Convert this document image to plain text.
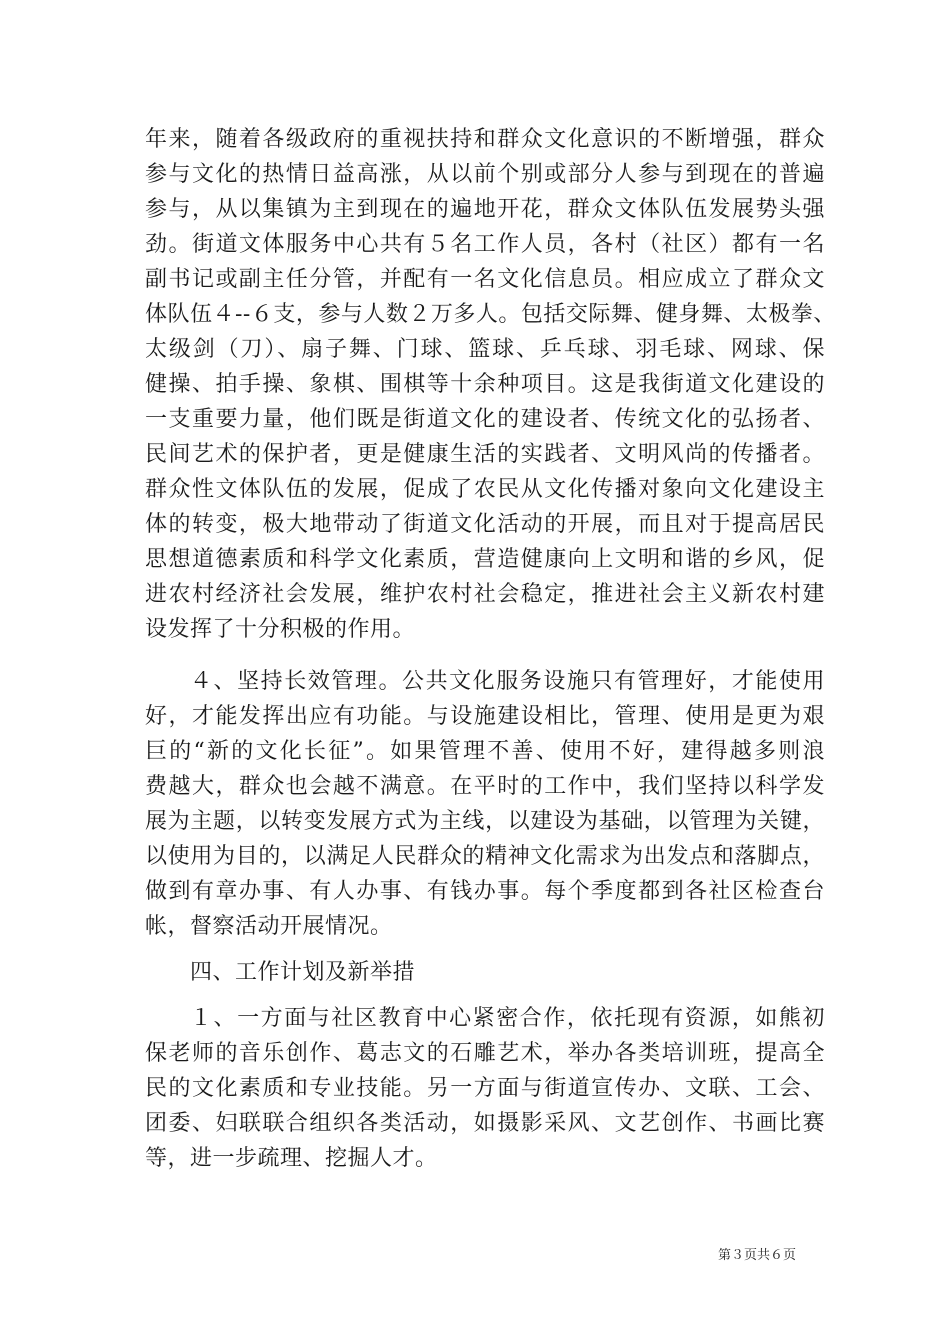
年来，随着各级政府的重视扶持和群众文化意识的不断增强，群众
参与文化的热情日益高涨，从以前个别或部分人参与到现在的普遍
参与，从以集镇为主到现在的遍地开花，群众文体队伍发展势头强
劲。街道文体服务中心共有５名工作人员，各村（社区）都有一名
副书记或副主任分管，并配有一名文化信息员。相应成立了群众文
体队伍４--６支，参与人数２万多人。包括交际舞、健身舞、太极拳、
太级剑（刀）、扇子舞、门球、篮球、乒乓球、羽毛球、网球、保
健操、拍手操、象棋、围棋等十余种项目。这是我街道文化建设的
一支重要力量，他们既是街道文化的建设者、传统文化的弘扬者、
民间艺术的保护者，更是健康生活的实践者、文明风尚的传播者。
群众性文体队伍的发展，促成了农民从文化传播对象向文化建设主
体的转变，极大地带动了街道文化活动的开展，而且对于提高居民
思想道德素质和科学文化素质，营造健康向上文明和谐的乡风，促
进农村经济社会发展，维护农村社会稳定，推进社会主义新农村建
设发挥了十分积极的作用。
４、坚持长效管理。公共文化服务设施只有管理好，才能使用
好，才能发挥出应有功能。与设施建设相比，管理、使用是更为艰
巨的“新的文化长征”。如果管理不善、使用不好，建得越多则浪
费越大，群众也会越不满意。在平时的工作中，我们坚持以科学发
展为主题，以转变发展方式为主线，以建设为基础，以管理为关键，
以使用为目的，以满足人民群众的精神文化需求为出发点和落脚点，
做到有章办事、有人办事、有钱办事。每个季度都到各社区检查台
帐，督察活动开展情况。
四、工作计划及新举措
１、一方面与社区教育中心紧密合作，依托现有资源，如熊初
保老师的音乐创作、葛志文的石雕艺术，举办各类培训班，提高全
民的文化素质和专业技能。另一方面与街道宣传办、文联、工会、
团委、妇联联合组织各类活动，如摄影采风、文艺创作、书画比赛
等，进一步疏理、挖掘人才。
第３页共６页
